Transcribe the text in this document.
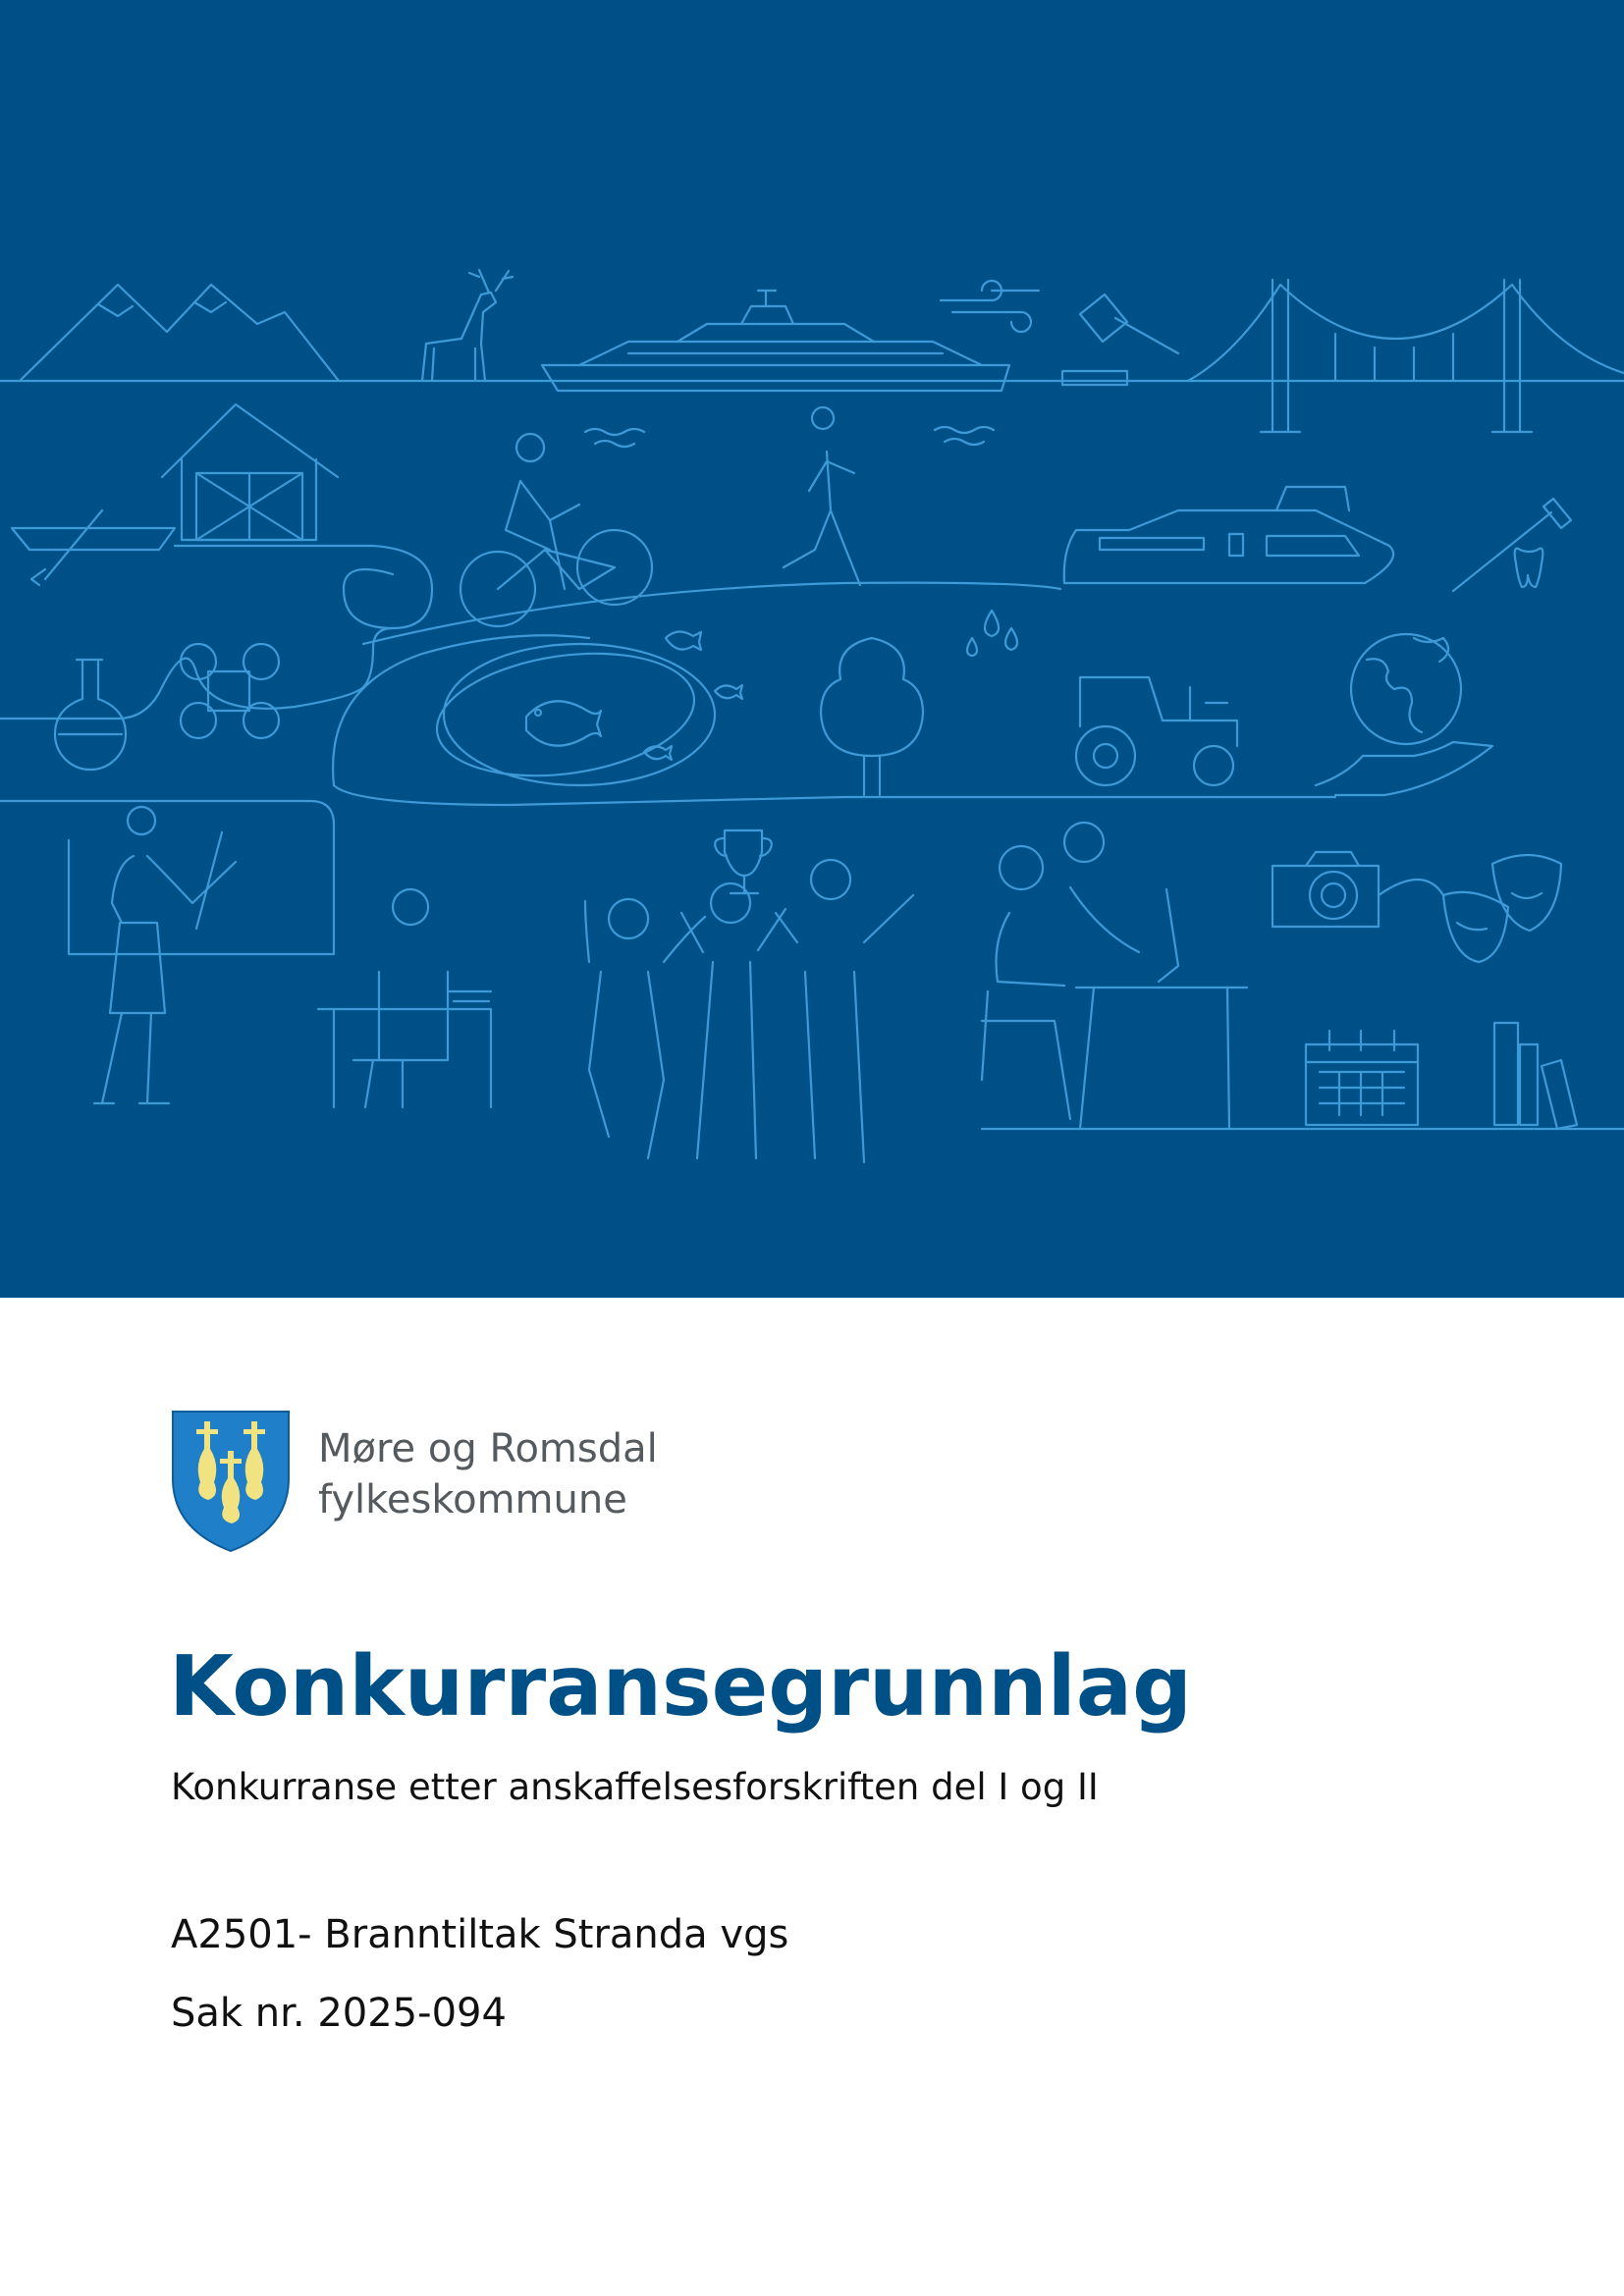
Møre og Romsdal
fylkeskommune
Konkurransegrunnlag
Konkurranse etter anskaffelsesforskriften del I og II
A2501- Branntiltak Stranda vgs
Sak nr. 2025-094
